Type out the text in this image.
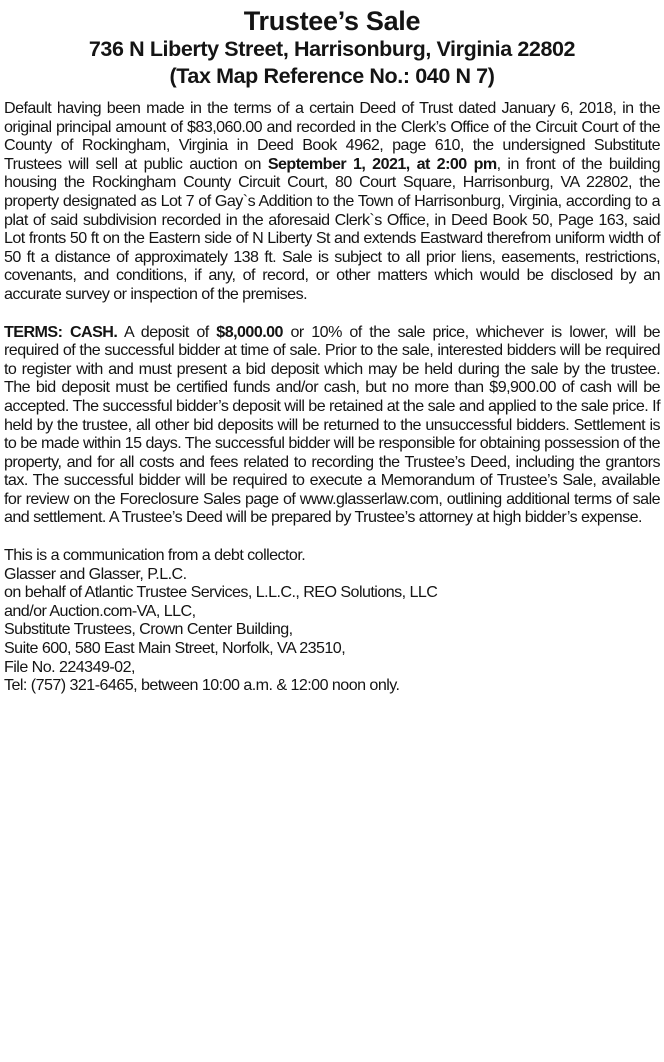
Trustee’s Sale
736 N Liberty Street, Harrisonburg, Virginia 22802
(Tax Map Reference No.: 040 N 7)

Default having been made in the terms of a certain Deed of Trust dated January 6, 2018, in the original principal amount of $83,060.00 and recorded in the Clerk’s Office of the Circuit Court of the County of Rockingham, Virginia in Deed Book 4962, page 610, the undersigned Substitute Trustees will sell at public auction on September 1, 2021, at 2:00 pm, in front of the building housing the Rockingham County Circuit Court, 80 Court Square, Harrisonburg, VA 22802, the property designated as Lot 7 of Gay`s Addition to the Town of Harrisonburg, Virginia, according to a plat of said subdivision recorded in the aforesaid Clerk`s Office, in Deed Book 50, Page 163, said Lot fronts 50 ft on the Eastern side of N Liberty St and extends Eastward therefrom uniform width of 50 ft a distance of approximately 138 ft. Sale is subject to all prior liens, easements, restrictions, covenants, and conditions, if any, of record, or other matters which would be disclosed by an accurate survey or inspection of the premises.

TERMS: CASH. A deposit of $8,000.00 or 10% of the sale price, whichever is lower, will be required of the successful bidder at time of sale. Prior to the sale, interested bidders will be required to register with and must present a bid deposit which may be held during the sale by the trustee. The bid deposit must be certified funds and/or cash, but no more than $9,900.00 of cash will be accepted. The successful bidder’s deposit will be retained at the sale and applied to the sale price. If held by the trustee, all other bid deposits will be returned to the unsuccessful bidders. Settlement is to be made within 15 days. The successful bidder will be responsible for obtaining possession of the property, and for all costs and fees related to recording the Trustee’s Deed, including the grantors tax. The successful bidder will be required to execute a Memorandum of Trustee’s Sale, available for review on the Foreclosure Sales page of www.glasserlaw.com, outlining additional terms of sale and settlement. A Trustee’s Deed will be prepared by Trustee’s attorney at high bidder’s expense.

This is a communication from a debt collector.

Glasser and Glasser, P.L.C.

on behalf of Atlantic Trustee Services, L.L.C., REO Solutions, LLC

and/or Auction.com-VA, LLC,

Substitute Trustees, Crown Center Building,

Suite 600, 580 East Main Street, Norfolk, VA 23510,

File No. 224349-02,

Tel: (757) 321-6465, between 10:00 a.m. & 12:00 noon only.
